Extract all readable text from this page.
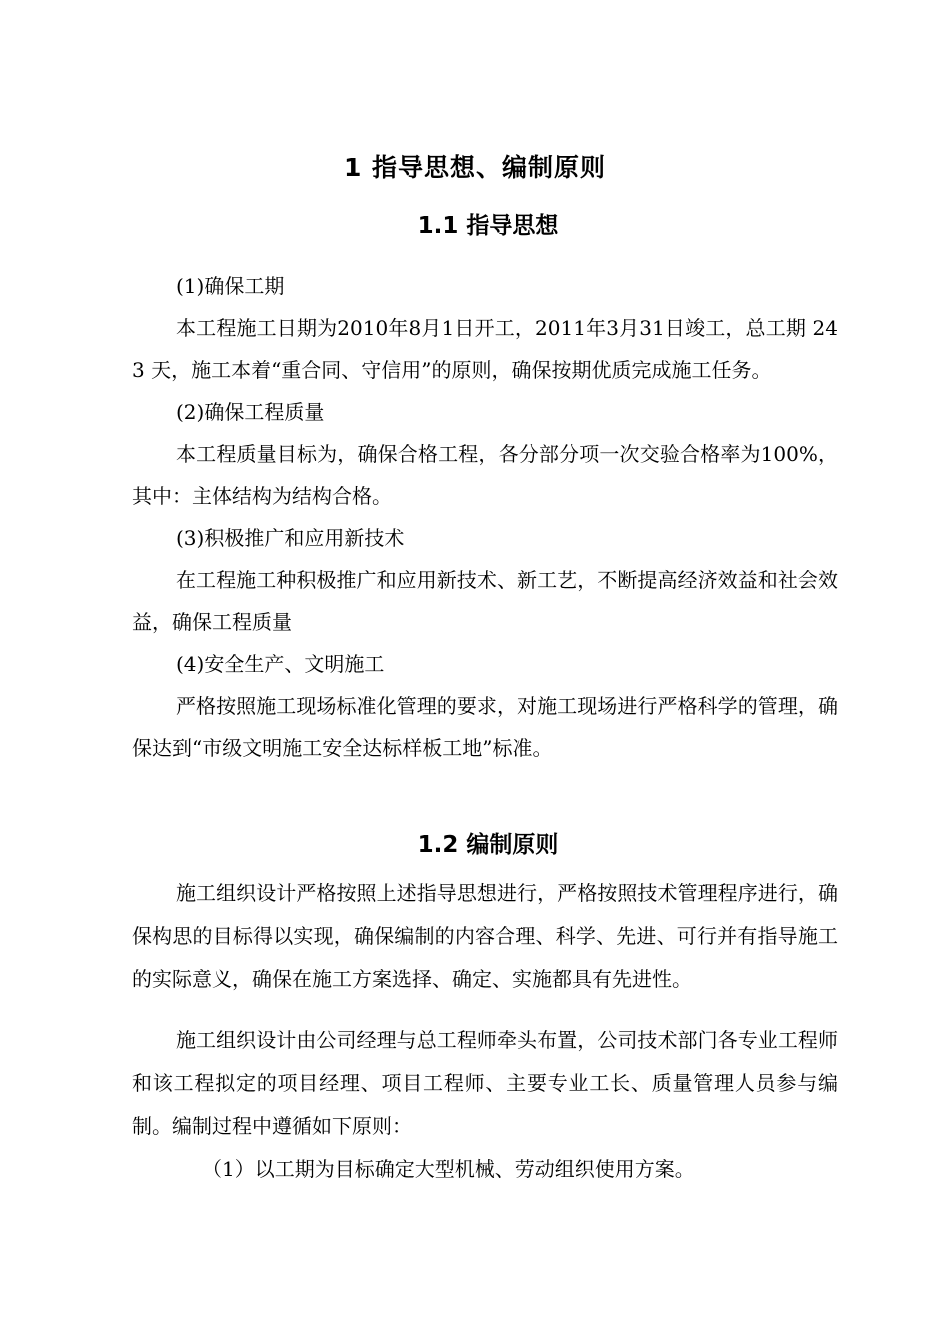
1 指导思想、编制原则
1.1 指导思想

(1)确保工期

本工程施工日期为2010年8月1日开工，2011年3月31日竣工，总工期 243 天，施工本着“重合同、守信用”的原则，确保按期优质完成施工任务。

(2)确保工程质量

本工程质量目标为，确保合格工程，各分部分项一次交验合格率为100%，其中：主体结构为结构合格。

(3)积极推广和应用新技术

在工程施工种积极推广和应用新技术、新工艺，不断提高经济效益和社会效益，确保工程质量

(4)安全生产、文明施工

严格按照施工现场标准化管理的要求，对施工现场进行严格科学的管理，确保达到“市级文明施工安全达标样板工地”标准。

1.2 编制原则

施工组织设计严格按照上述指导思想进行，严格按照技术管理程序进行，确保构思的目标得以实现，确保编制的内容合理、科学、先进、可行并有指导施工的实际意义，确保在施工方案选择、确定、实施都具有先进性。

施工组织设计由公司经理与总工程师牵头布置，公司技术部门各专业工程师和该工程拟定的项目经理、项目工程师、主要专业工长、质量管理人员参与编制。编制过程中遵循如下原则：

（1）以工期为目标确定大型机械、劳动组织使用方案。
